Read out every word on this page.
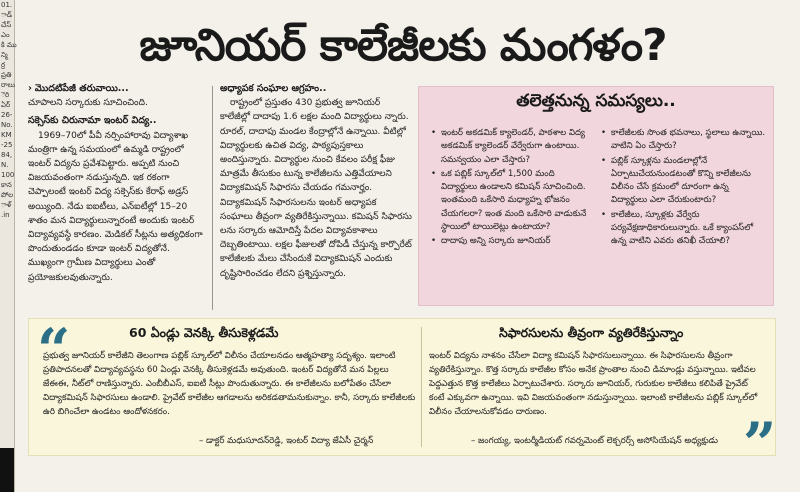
01.
ాడ్
చేస్
ఎం
కి ము
న్మి
ర్ర
ప్రతి
రాలు
ెరి
ఏర్
26-
No.
KM
-25
84,
N.
100
కాన
పోల
ాళ్
.in
జూనియర్ కాలేజీలకు మంగళం?

› మొదటిపేజీ తరువాయి...

చూపాలని సర్కారుకు సూచించింది.

సక్సెస్‌కు చిరునామా ఇంటర్ విద్య..

1969–70లో పీవీ నర్సింహారావు విద్యాశాఖ మంత్రిగా ఉన్న సమయంలో ఉమ్మడి రాష్ట్రంలో ఇంటర్ విద్యను ప్రవేశపెట్టారు. అప్పటి నుంచి విజయవంతంగా నడుస్తున్నది. ఇక రకంగా చెప్పాలంటే ఇంటర్ విద్య సక్సెస్‌కు కేరాఫ్ అడ్రస్ అయ్యింది. నేడు ఐఐటీలు, ఎన్ఐటీల్లో 15–20 శాతం మన విద్యార్థులున్నారంటే అందుకు ఇంటర్ విద్యావ్యవస్థే కారణం. మెడికల్ సీట్లను అత్యధికంగా పొందుతుండడం కూడా ఇంటర్ విద్యతోనే. ముఖ్యంగా గ్రామీణ విద్యార్థులు ఎంతో ప్రయోజకులవుతున్నారు.

అధ్యాపక సంఘాల ఆగ్రహం..

రాష్ట్రంలో ప్రస్తుతం 430 ప్రభుత్వ జూనియర్ కాలేజీల్లో దాదాపు 1.6 లక్షల మంది విద్యార్థులు న్నారు. రూరల్, దాదాపు మండల కేంద్రాల్లోనే ఉన్నాయి. వీటిల్లో విద్యార్థులకు ఉచిత విద్య, పాఠ్యపుస్తకాలు అందిస్తున్నారు. విద్యార్థుల నుంచి కేవలం పరీక్ష ఫీజు మాత్రమే తీసుకుం టున్న కాలేజీలను ఎత్తివేయాలని విద్యాకమిషన్ సిఫారసు చేయడం గమనార్హం. విద్యాకమిషన్ సిఫారసులను ఇంటర్ అధ్యాపక సంఘాలు తీవ్రంగా వ్యతిరేకిస్తున్నాయి. కమిషన్ సిఫారసు లను సర్కారు ఆమోదిస్తే పేదల విద్యావకాశాలు దెబ్బతింటాయి. లక్షల ఫీజులతో దోపిడీ చేస్తున్న కార్పొరేట్ కాలేజీలకు మేలు చేసేందుకే విద్యాకమిషన్ ఎందుకు దృష్టిసారించడం లేదని ప్రశ్నిస్తున్నారు.

తలెత్తనున్న సమస్యలు..
• ఇంటర్ అకడమిక్ క్యాలెండర్, పాఠశాల విద్య అకడమిక్ క్యాలెండర్ వేర్వేరుగా ఉంటాయి. సమన్వయం ఎలా చేస్తారు?
• ఒక పబ్లిక్ స్కూల్‌లో 1,500 మంది విద్యార్థులు ఉండాలని కమిషన్ సూచించింది. ఇంతమంది ఒకేసారి మధ్యాహ్న భోజనం చేయగలరా? ఇంత మంది ఒకేసారి వాడుకునే స్థాయిలో టాయిలెట్లు ఉంటాయా?
• దాదాపు అన్ని సర్కారు జూనియర్
• కాలేజీలకు సొంత భవనాలు, స్థలాలు ఉన్నాయి. వాటిని ఏం చేస్తారు?
• పబ్లిక్ స్కూళ్లను మండలాల్లోనే ఏర్పాటుచేయనుండటంతో కొన్ని కాలేజీలను విలీనం చేసే క్రమంలో దూరంగా ఉన్న విద్యార్థులు ఎలా చేరుకుంటారు?
• కాలేజీలు, స్కూళ్లకు వేర్వేరు పర్యవేక్షణాధికారులున్నారు. ఒకే క్యాంపస్‌లో ఉన్న వాటిని ఎవరు తనిఖీ చేయాలి?
“	60 ఏండ్లు వెనక్కి తీసుకెళ్లడమే
ప్రభుత్వ జూనియర్ కాలేజీని తెలంగాణ పబ్లిక్ స్కూల్‌లో విలీనం చేయాలనడం ఆత్మహత్యా సదృశ్యం. ఇలాంటి ప్రతిపాదనలతో విద్యావ్యవస్థను 60 ఏండ్లు వెనక్కి తీసుకెళ్లడమే అవుతుంది. ఇంటర్ విద్యతోనే మన పిల్లలు జేఈఈ, నీట్‌లో రాణిస్తున్నారు. ఎంబీబీఎస్, ఐఐటీ సీట్లు పొందుతున్నారు. ఈ కాలేజీలను బలోపేతం చేసేలా విద్యాకమిషన్ సిఫారసులు ఉండాలి. ప్రైవేట్ కాలేజీల ఆగడాలను అరికడతామనుకున్నాం. కానీ, సర్కారు కాలేజీలకు ఉరి బిగించేలా ఉండటం ఆందోళనకరం.
– డాక్టర్ మధుసూదన్‌రెడ్డి, ఇంటర్ విద్యా జేఏసీ చైర్మన్
సిఫారసులను తీవ్రంగా వ్యతిరేకిస్తున్నాం
ఇంటర్ విద్యను నాశనం చేసేలా విద్యా కమిషన్ సిఫారసులున్నాయి. ఈ సిఫారసులను తీవ్రంగా వ్యతిరేకిస్తున్నాం. కొత్త సర్కారు కాలేజీల కోసం అనేక ప్రాంతాల నుంచి డిమాండ్లు వస్తున్నాయి. ఇటీవల పెద్దఎత్తున కొత్త కాలేజీలు ఏర్పాటుచేశారు. సర్కారు జూనియర్, గురుకుల కాలేజీలు కలిపితే ప్రైవేట్ కంటే ఎక్కువగా ఉన్నాయి. ఇవి విజయవంతంగా నడుస్తున్నాయి. ఇలాంటి కాలేజీలను పబ్లిక్ స్కూల్‌లో విలీనం చేయాలనుకోవడం దారుణం.
– జంగయ్య, ఇంటర్మీడియట్ గవర్నమెంట్ లెక్చరర్స్ అసోసియేషన్ అధ్యక్షుడు ”
